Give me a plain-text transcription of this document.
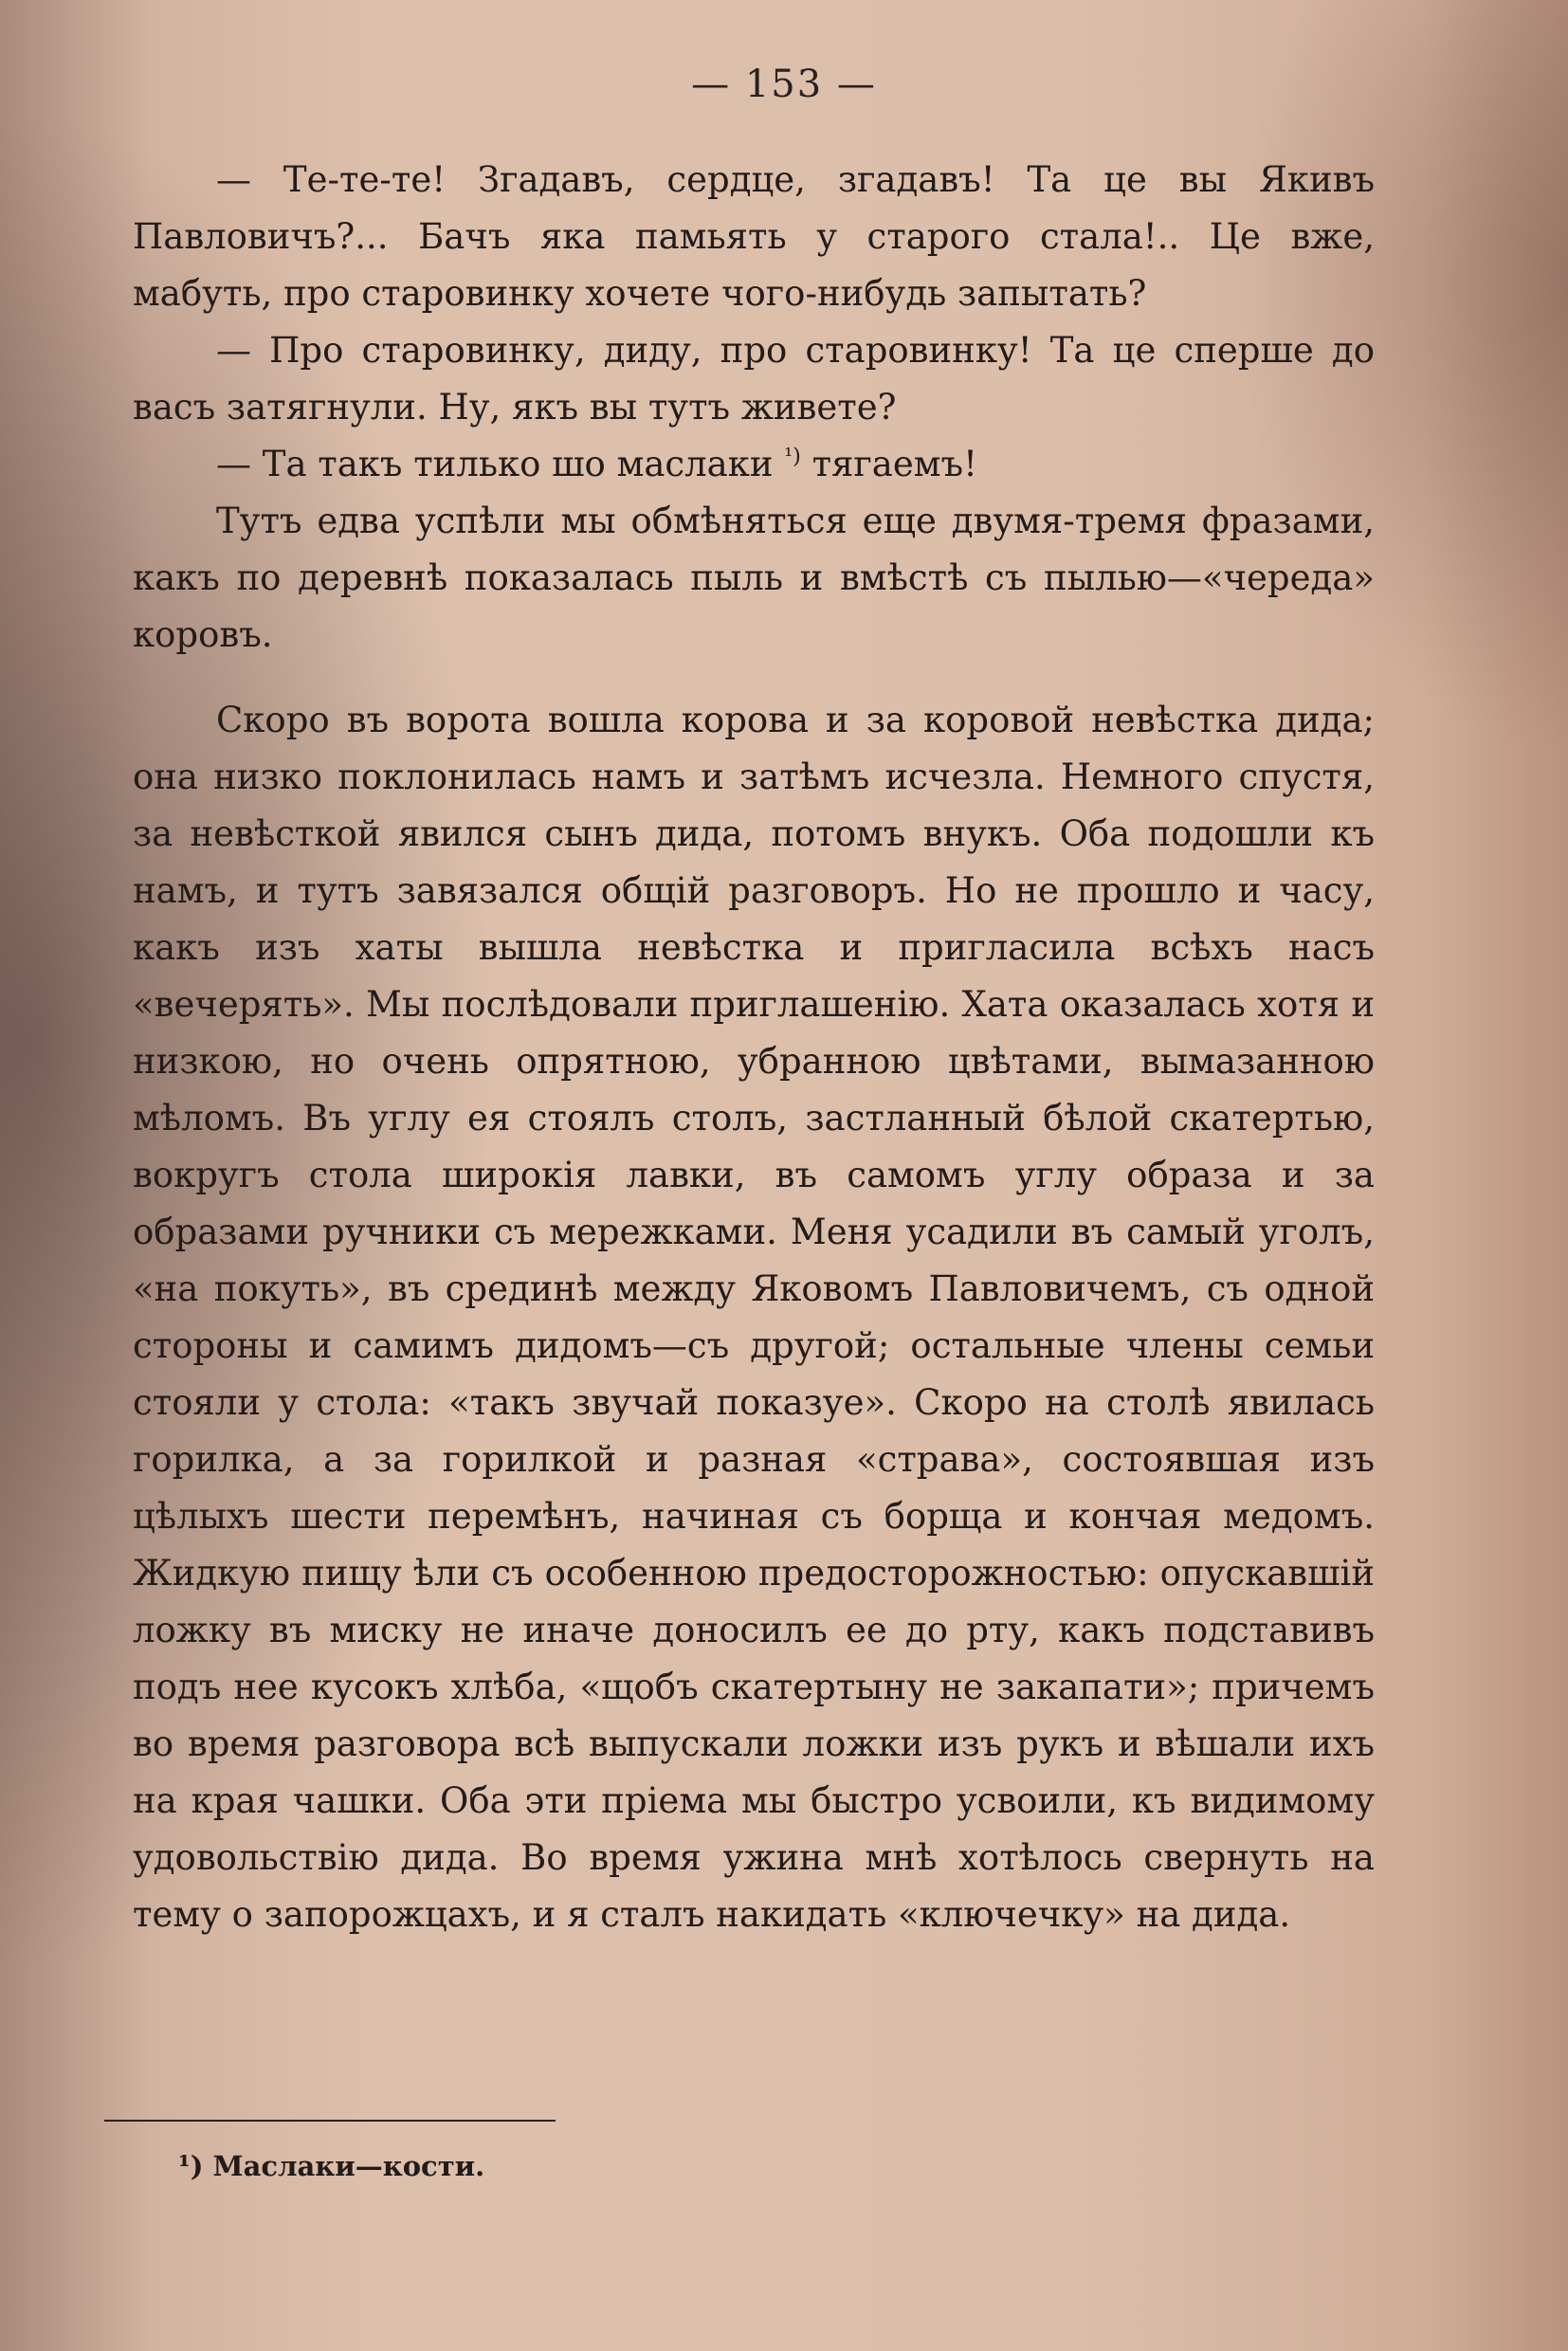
— 153 —

— Те-те-те! Згадавъ, сердце, згадавъ! Та це вы Якивъ Павловичъ?... Бачъ яка памьять у старого стала!.. Це вже, мабуть, про старовинку хочете чого-нибудь запытать?

— Про старовинку, диду, про старовинку! Та це сперше до васъ затягнули. Ну, якъ вы тутъ живете?

— Та такъ тилько шо маслаки $^{^1)}$ тягаемъ!

Тутъ едва успѣли мы обмѣняться еще двумя-тремя фразами, какъ по деревнѣ показалась пыль и вмѣстѣ съ пылью—«череда» коровъ.

Скоро въ ворота вошла корова и за коровой невѣстка дида; она низко поклонилась намъ и затѣмъ исчезла. Немного спустя, за невѣсткой явился сынъ дида, потомъ внукъ. Оба подошли къ намъ, и тутъ завязался общій разговоръ. Но не прошло и часу, какъ изъ хаты вышла невѣстка и пригласила всѣхъ насъ «вечерять». Мы послѣдовали приглашенію. Хата оказалась хотя и низкою, но очень опрятною, убранною цвѣтами, вымазанною мѣломъ. Въ углу ея стоялъ столъ, застланный бѣлой скатертью, вокругъ стола широкія лавки, въ самомъ углу образа и за образами ручники съ мережками. Меня усадили въ самый уголъ, «на покуть», въ срединѣ между Яковомъ Павловичемъ, съ одной стороны и самимъ дидомъ—съ другой; остальные члены семьи стояли у стола: «такъ звучай показуе». Скоро на столѣ явилась горилка, а за горилкой и разная «страва», состоявшая изъ цѣлыхъ шести перемѣнъ, начиная съ борща и кончая медомъ. Жидкую пищу ѣли съ особенною предосторожностью: опускавшій ложку въ миску не иначе доносилъ ее до рту, какъ подставивъ подъ нее кусокъ хлѣба, «щобъ скатертыну не закапати»; причемъ во время разговора всѣ выпускали ложки изъ рукъ и вѣшали ихъ на края чашки. Оба эти пріема мы быстро усвоили, къ видимому удовольствію дида. Во время ужина мнѣ хотѣлось свернуть на тему о запорожцахъ, и я сталъ накидать «ключечку» на дида.

¹) Маслаки—кости.
